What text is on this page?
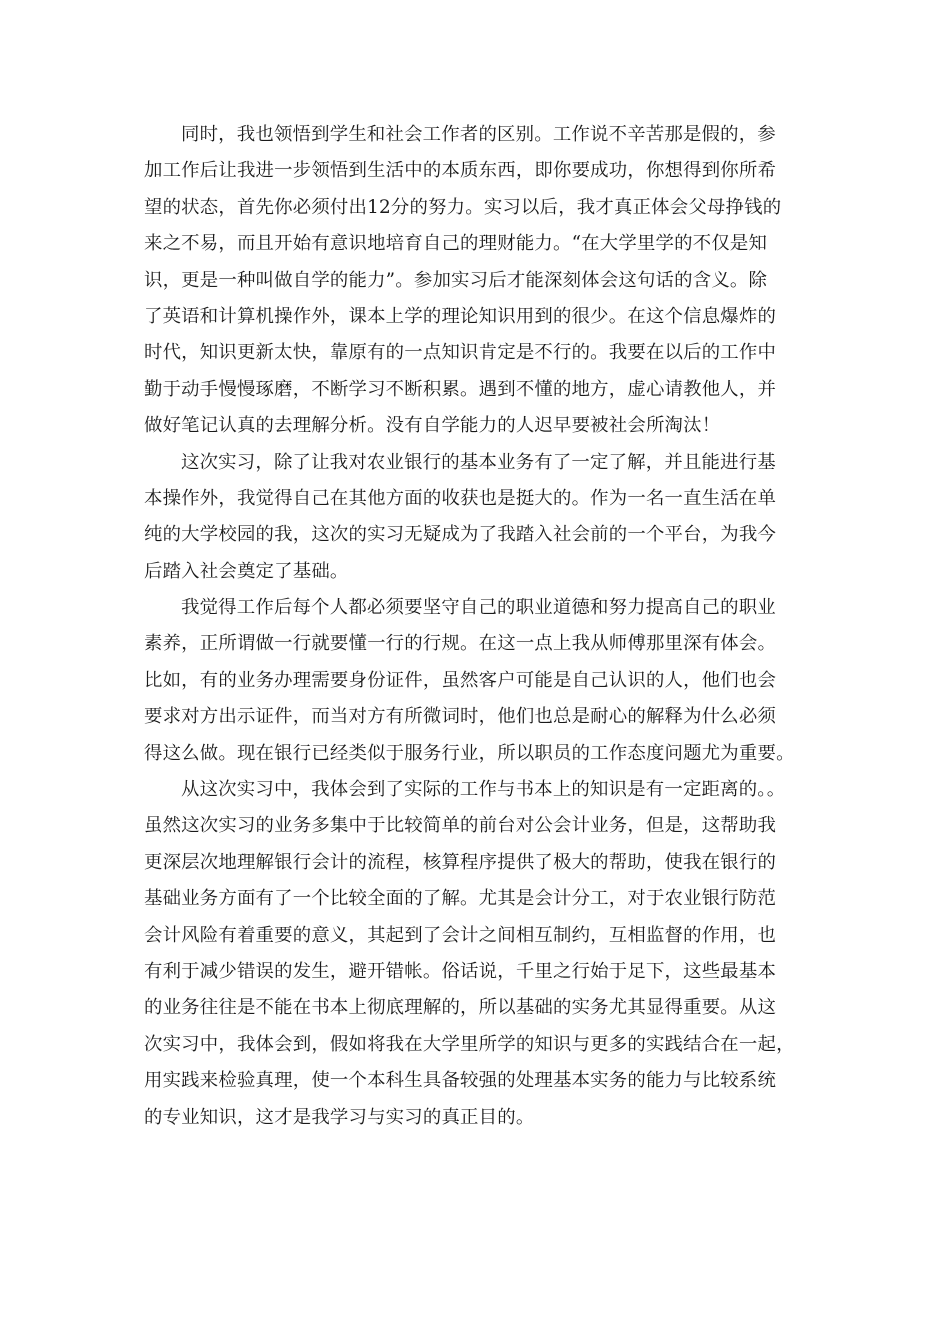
同时，我也领悟到学生和社会工作者的区别。工作说不辛苦那是假的，参
加工作后让我进一步领悟到生活中的本质东西，即你要成功，你想得到你所希
望的状态，首先你必须付出12分的努力。实习以后，我才真正体会父母挣钱的
来之不易，而且开始有意识地培育自己的理财能力。“在大学里学的不仅是知
识，更是一种叫做自学的能力”。参加实习后才能深刻体会这句话的含义。除
了英语和计算机操作外，课本上学的理论知识用到的很少。在这个信息爆炸的
时代，知识更新太快，靠原有的一点知识肯定是不行的。我要在以后的工作中
勤于动手慢慢琢磨，不断学习不断积累。遇到不懂的地方，虚心请教他人，并
做好笔记认真的去理解分析。没有自学能力的人迟早要被社会所淘汰！
这次实习，除了让我对农业银行的基本业务有了一定了解，并且能进行基
本操作外，我觉得自己在其他方面的收获也是挺大的。作为一名一直生活在单
纯的大学校园的我，这次的实习无疑成为了我踏入社会前的一个平台，为我今
后踏入社会奠定了基础。
我觉得工作后每个人都必须要坚守自己的职业道德和努力提高自己的职业
素养，正所谓做一行就要懂一行的行规。在这一点上我从师傅那里深有体会。
比如，有的业务办理需要身份证件，虽然客户可能是自己认识的人，他们也会
要求对方出示证件，而当对方有所微词时，他们也总是耐心的解释为什么必须
得这么做。现在银行已经类似于服务行业，所以职员的工作态度问题尤为重要。
从这次实习中，我体会到了实际的工作与书本上的知识是有一定距离的。。
虽然这次实习的业务多集中于比较简单的前台对公会计业务，但是，这帮助我
更深层次地理解银行会计的流程，核算程序提供了极大的帮助，使我在银行的
基础业务方面有了一个比较全面的了解。尤其是会计分工，对于农业银行防范
会计风险有着重要的意义，其起到了会计之间相互制约，互相监督的作用，也
有利于减少错误的发生，避开错帐。俗话说，千里之行始于足下，这些最基本
的业务往往是不能在书本上彻底理解的，所以基础的实务尤其显得重要。从这
次实习中，我体会到，假如将我在大学里所学的知识与更多的实践结合在一起，
用实践来检验真理，使一个本科生具备较强的处理基本实务的能力与比较系统
的专业知识，这才是我学习与实习的真正目的。
